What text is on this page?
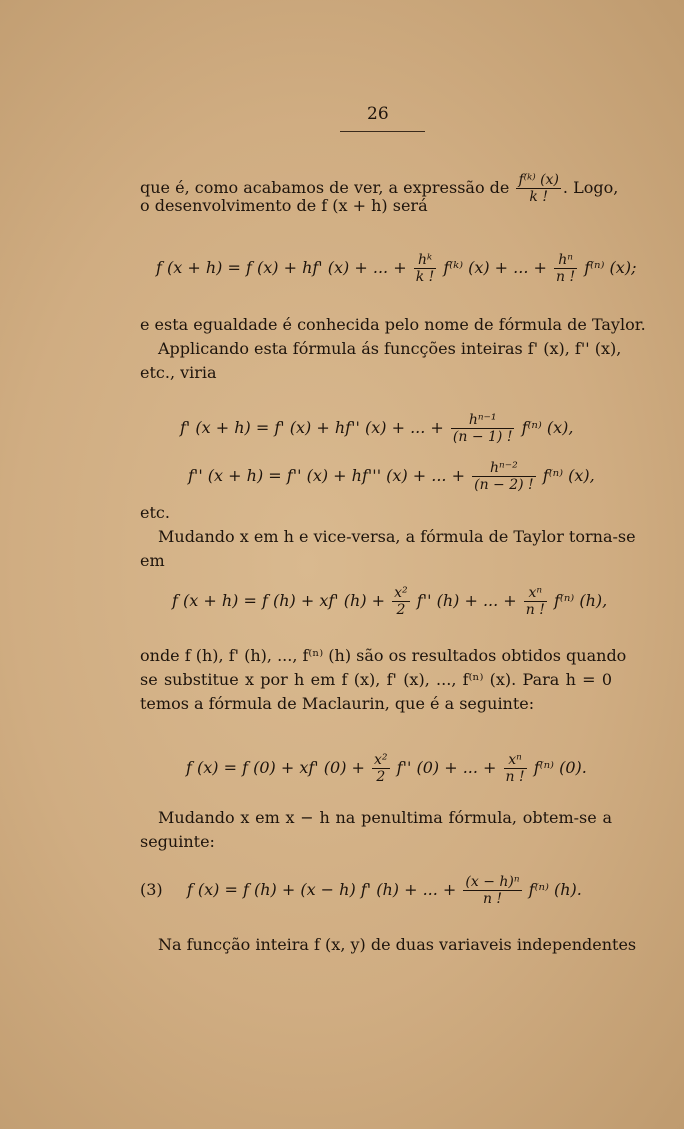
26
que é, como acabamos de ver, a expressão de $\frac{\text{f⁽ᵏ⁾ (x)}}{k !}$ . Logo,
o desenvolvimento de f (x + h) será
f (x + h) = f (x) + hf' (x) + ... + $\frac{\text{hᵏ}}{k !}$ f⁽ᵏ⁾ (x) + ... + $\frac{\text{hⁿ}}{n !} f^{(n)}$ (x);
e esta egualdade é conhecida pelo nome de fórmula de Taylor.
Applicando esta fórmula ás funcções inteiras f' (x), f'' (x),
etc., viria
f' (x + h) = f' (x) + hf'' (x) + ... + $\frac{\text{hⁿ⁻¹}}{(n - 1) !} f^{(n)}$ (x),
f'' (x + h) = f'' (x) + hf''' (x) + ... + $\frac{\text{hⁿ⁻²}}{(n - 2) !} f^{(n)}$ (x),
etc.
Mudando x em h e vice-versa, a fórmula de Taylor torna-se
em
f (x + h) = f (h) + xf' $(h) + \frac{\text{x²}}{2} f''$ (h) + ... + $\frac{\text{xⁿ}}{n !} f^{(n)}$ (h),
onde f (h), f' (h), ..., f⁽ⁿ⁾ (h) são os resultados obtidos quando
se substitue x por h em f (x), f' (x), ..., f⁽ⁿ⁾ (x). Para h = 0
temos a fórmula de Maclaurin, que é a seguinte:
f (x) = f (0) + xf' $(0) + \frac{\text{x²}}{2} f''$ (0) + ... + $\frac{\text{xⁿ}}{n !} f^{(n)}$ (0).
Mudando x em x − h na penultima fórmula, obtem-se a
seguinte:
(3) f (x) = f (h) + (x − h) f' (h) + ... + $\frac{\text{(x − h)ⁿ}}{n !} f^{(n)}$ (h).
Na funcção inteira f (x, y) de duas variaveis independentes
